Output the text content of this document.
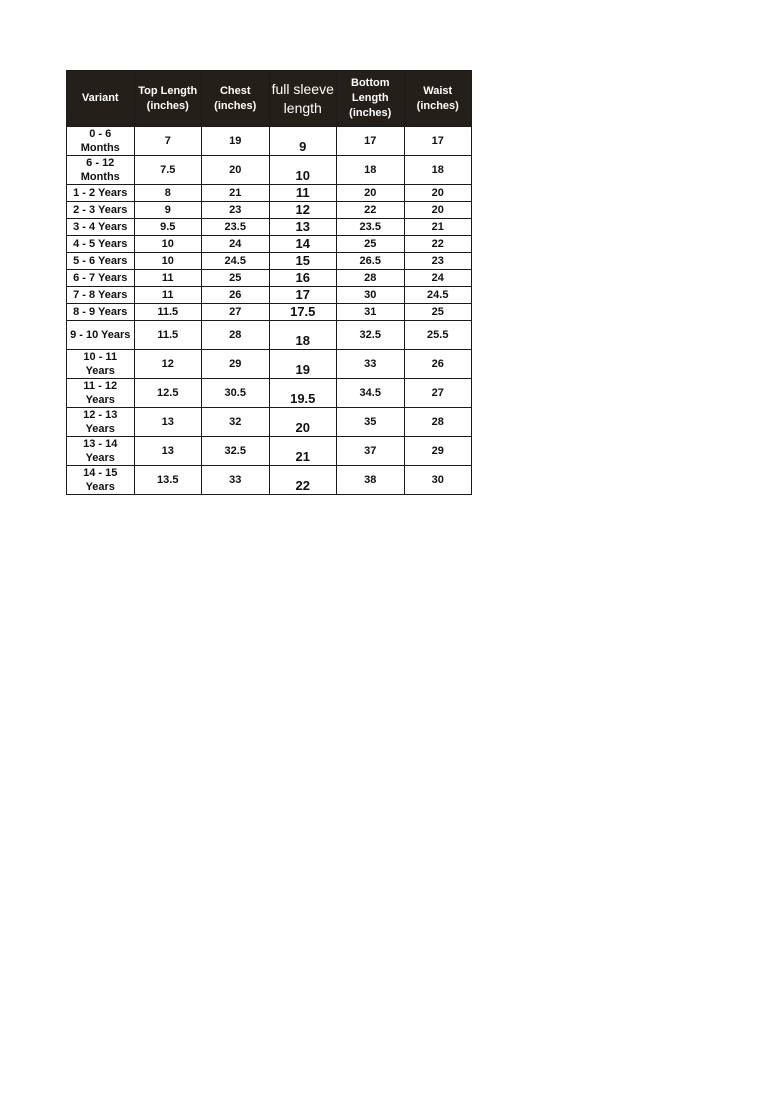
Variant	Top Length (inches)	Chest (inches)	full sleeve length	Bottom Length (inches)	Waist (inches)
0 - 6 Months	7	19	9	17	17
6 - 12 Months	7.5	20	10	18	18
1 - 2 Years	8	21	11	20	20
2 - 3 Years	9	23	12	22	20
3 - 4 Years	9.5	23.5	13	23.5	21
4 - 5 Years	10	24	14	25	22
5 - 6 Years	10	24.5	15	26.5	23
6 - 7 Years	11	25	16	28	24
7 - 8 Years	11	26	17	30	24.5
8 - 9 Years	11.5	27	17.5	31	25
9 - 10 Years	11.5	28	18	32.5	25.5
10 - 11 Years	12	29	19	33	26
11 - 12 Years	12.5	30.5	19.5	34.5	27
12 - 13 Years	13	32	20	35	28
13 - 14 Years	13	32.5	21	37	29
14 - 15 Years	13.5	33	22	38	30
